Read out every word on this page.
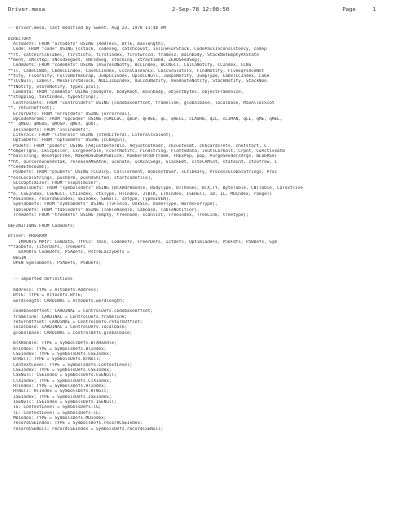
Driver.mesa

	2-Sep-78 12:08:50

	Page     1

-- Driver.mesa, last modified by Sweet, Aug 23, 1978 11:40 AM
DIRECTORY
AltoDefs: FROM "altodefs" USING [Address, BYTE, maxlength],
Code: FROM "code" USING [cstack, codeseg, catchcount, inlineForStack, CodePassInconsistency, codep
**rt, catchcrlcklabel, firstinfo, firstindex, firstwrcsd, framesz, mainbody, StackNotEmptyAtState
**ment, sMcstkp, sNcsdSegSet, sNcsdSeg, stacking, xtrastimbd, ZEROSeedSeg],
CodeDefs: FROM "codedefs" USING [ASuresdNotfy, BCCIndex, BCCNull, CallaNotify, CCIndex, CCNu
**ll, CadeCCNde, CbdeCCIndex, CaseCCIndex, CccnsCaseSnCx, CascSnSlotsFx, FindNotify, FiveEqrsAceNnt
**tify, FloorSify, FullSNxtkeGrap, JumpCCIndex, OpcoCCNull, JumpsNotify, JumpType, LabelCCIndex, Labe
**lCCNull, LabelT, MesaFirstBlock, NULL116Index, OuCcd3Notify, ReadnoteNotify, StackNotify, StackNoo
**tNotify, StoreNotify, types.pcol],
ComData: FROM "comdata" USING [bodydre, bodyRoot, mainbody, objectBytes, objectFrameSize,
**stopping, textIndex, typeStrinp],
ControlDefs: FROM "controldefs" USING [codebaseOffset, framelink, globalbase, localbase, MaxAllocSlot
**, returnOffset],
ErrorDefs: FROM "errordefs" USING [errorreal],
OpCodeParams: FROM "opcodes" USING [GMLLOC, qDuP, qFREE, qL, qRECL, cLAORB, qLL, cLIMAN, qLL, qME, qMEL,
**  qMEO, qMEUS, qMUSP, qMEY, qOU],
InlineDefs: FROM "inlinedefs",
Literals: FROM "literals" USING [stedLiteral, Literalsvaluet],
OptimDefs: FROM "optimdefs" USING [CCBegin],
P5Defs: FROM "p5defs" USING [AdjustDeferBis, AdjustnotAndr, ckcustesmt, ckhcardsrefs, chetstart, C
**omperlgnx, Cklcpkiler, Cxrgenerale, FcorrNotifc, Findstring, FlatteData, inutlLarkalt, Crpnt, CoActiveatm
**easlsring, ResetpcFree, MakeRDSubSKPSBIcck, RumbersRTBFframe, FRExPop, pop, PurgeSendersArgs, BLabRSel
**ht, ourcoreuneedstak, releaseAMSAtnk, ucenate, ucRcalSegs, SlackEmt, siteCAMint, stateInt, stsofrew, C
**ceedEthcoomt],
P5UDefs: FROM "p5uDefs" USING [CCDirp, CallTerment, UoDcestUSef, sLtibkary, ProcessGlobalStrings, Proc
**essLocalStrings, pushbrm, pushXShifed, startcodefile],
SCccOptimizer: FROM "ssoptimizer",
SymbolsDefs: FROM "symbolsdefs" USING [BTXHdrHandle, BodyType, BTTheSec, BTX,TY, ByteTable, CNTTable, CaTextTive
**e, CSEIndex, CSENull, CtIIndex, ctxType, HTIndex, JlBlR, LTVindex, ISEHull, IB, IL, MDIndex, rangeTl
**eSEIndex, recordSEIndex, SEIndex, SENull, setype, TypeGIVEN],
SymTabDefs: FROM "symtabdefs" USING [TvField, UnkSie, UnderType, WordsForType],
TableDefs: FROM "tabledefs" USING [TableHandle, Caboase, TableNotifier],
TreeDefs: FROM "treedefs" USING [empty, freenode, scanlist, TreeIndex, TreeLink, treetype];
DEFINITIONS FROM CodeDefs;
Driver: PROGRAM
IMPORTS MPtr: ComData, TfPic: TDsn, CodeDefs, FreerDefs, IctDefs, OptimiadeFs, P5UFdfs, P5BDefs, Sym
**ranDefs, literDefs, TreeDefs
EXPORTS CodeDefs, P5ADefs, PstrbLazzyDefs =
BEGIN
OPEN SymTabDefs, P5ADefs, P5BDefs;
-- imported definitions
Address: TYPE = AltoDefs.Address;
BYTE: TYPE = AltoJefs.BYTE;
wordlength: CARDINAL = AltoDefs.wordlength;
codebaseOffset: CARDINAL = ControlDefs.codebaseOffset;
framelink: CARDINAL = ControlDefs.framelink;
returnOffset: CARDINAL = ControlDefs.returnOffset;
localbase: CARDINAL = ControlDefs.localbase;
globalbase: CARDINAL = ControlDefs.globalbase;
BTXHandle: TYPE = SymbolsDefs.BTXHandle;
BTIndex: TYPE = SymbolsDefs.BTIndex;
CSEIndex: TYPE = SymbolsDefs.CSEIndex;
BTNull: TYPE = SymbolsDefs.BTNull;
ContextLevel: TYPE = SymbolsDefs.ContextLevel;
CSEIndex: TYPE = SymbolsDefs.CSEIndex;
CSENull: CSEIndex = SymbolsDefs.CSENull;
CTXIndex: TYPE = SymbolsDefs.CTXIndex;
HTIndex: TYPE = SymbolsDefs.HTIndex;
HTNull: HTIndex = SymbolsDefs.HTNull;
ISEIndex: TYPE = SymbolsDefs.ISEIndex;
ISENull: ISEIndex = SymbolsDefs.ISENull;
lG: ContextLevel = SymbolsDefs.lG;
lL: ContextLevel = SymbolsDefs.lL;
MDIndex: TYPE = SymbolsDefs.MDIndex;
recordCSEIndex: TYPE = SymbolsDefs.recordCSEIndex;
recordCSENull: recordCSEIndex = SymbolsDefs.recordCSENull;
